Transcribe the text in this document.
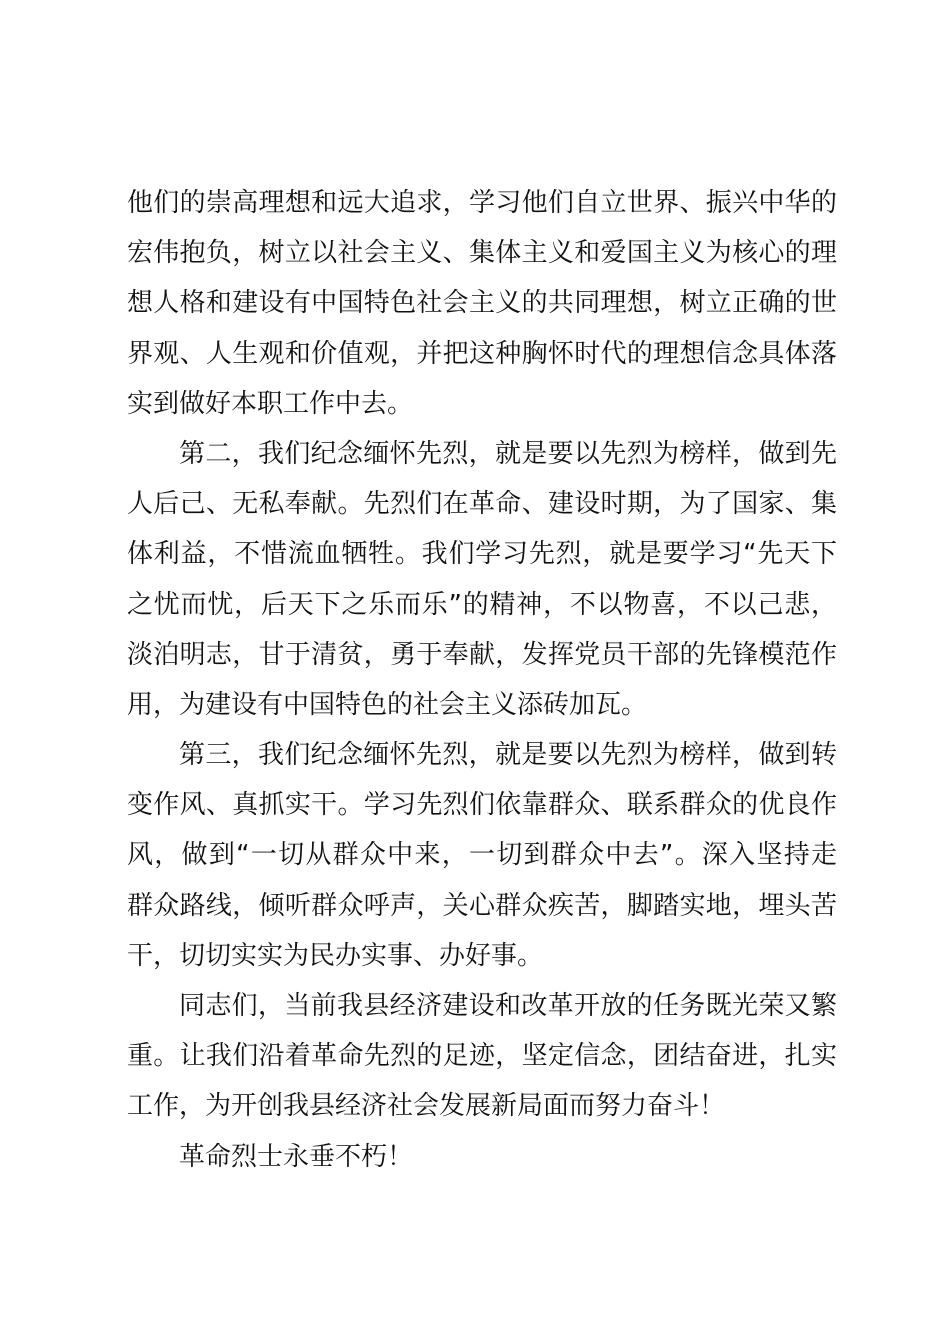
他们的崇高理想和远大追求，学习他们自立世界、振兴中华的
宏伟抱负，树立以社会主义、集体主义和爱国主义为核心的理
想人格和建设有中国特色社会主义的共同理想，树立正确的世
界观、人生观和价值观，并把这种胸怀时代的理想信念具体落
实到做好本职工作中去。
第二，我们纪念缅怀先烈，就是要以先烈为榜样，做到先
人后己、无私奉献。先烈们在革命、建设时期，为了国家、集
体利益，不惜流血牺牲。我们学习先烈，就是要学习“先天下
之忧而忧，后天下之乐而乐”的精神，不以物喜，不以己悲，
淡泊明志，甘于清贫，勇于奉献，发挥党员干部的先锋模范作
用，为建设有中国特色的社会主义添砖加瓦。
第三，我们纪念缅怀先烈，就是要以先烈为榜样，做到转
变作风、真抓实干。学习先烈们依靠群众、联系群众的优良作
风，做到“一切从群众中来，一切到群众中去”。深入坚持走
群众路线，倾听群众呼声，关心群众疾苦，脚踏实地，埋头苦
干，切切实实为民办实事、办好事。
同志们，当前我县经济建设和改革开放的任务既光荣又繁
重。让我们沿着革命先烈的足迹，坚定信念，团结奋进，扎实
工作，为开创我县经济社会发展新局面而努力奋斗！
革命烈士永垂不朽！
